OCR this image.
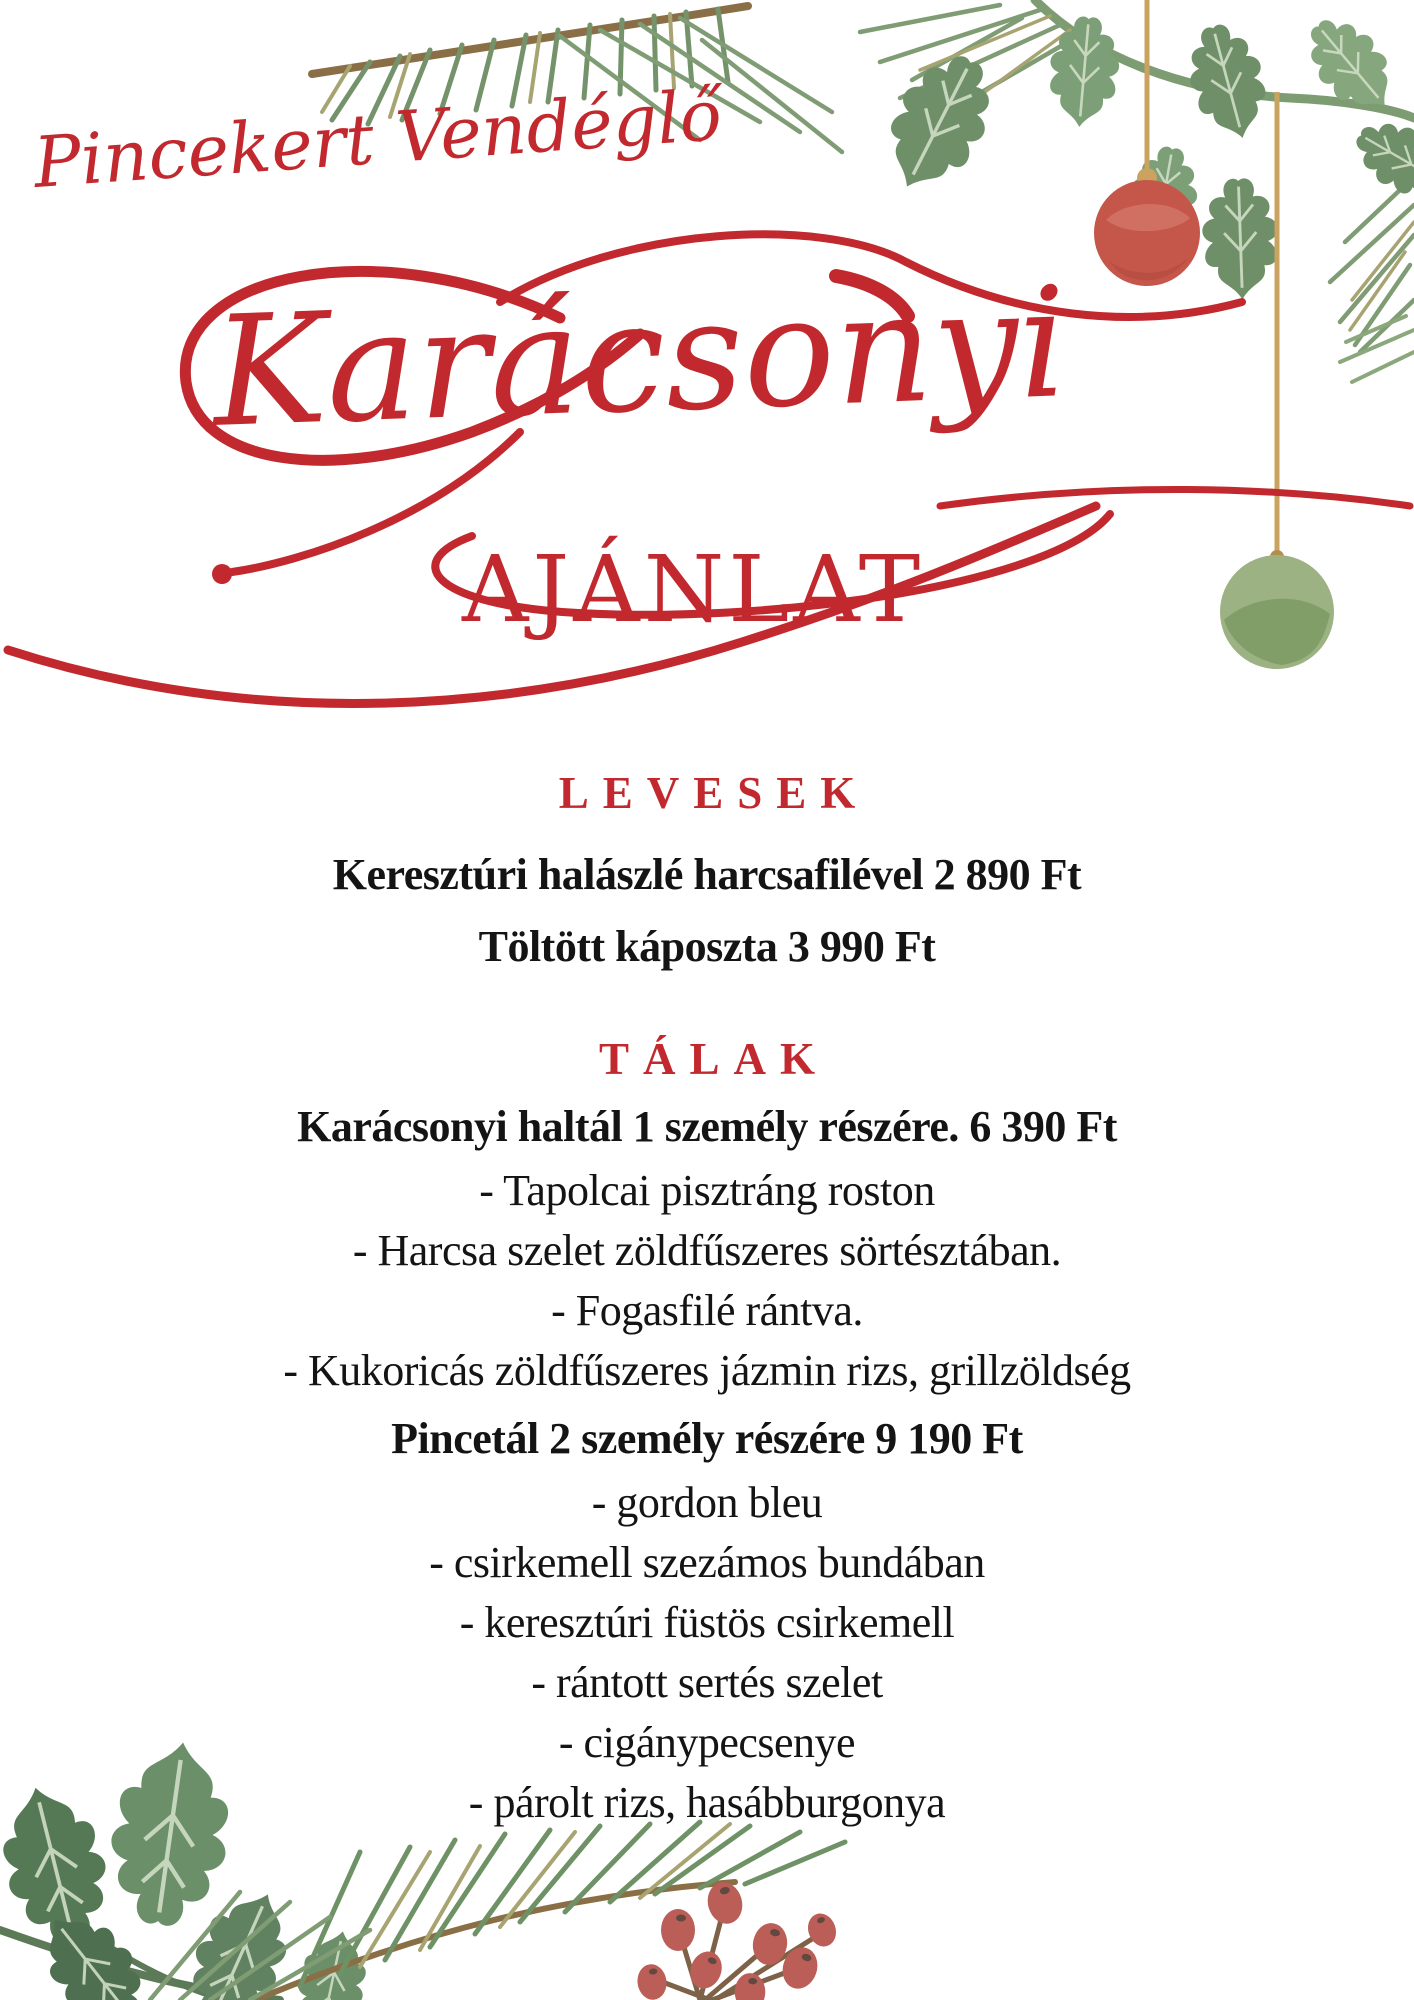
Pincekert Vendéglő
Karácsonyi
AJÁNLAT
LEVESEK

Keresztúri halászlé harcsafilével 2 890 Ft

Töltött káposzta 3 990 Ft

TÁLAK

Karácsonyi haltál 1 személy részére. 6 390 Ft

- Tapolcai pisztráng roston

- Harcsa szelet zöldfűszeres sörtésztában.

- Fogasfilé rántva.

- Kukoricás zöldfűszeres jázmin rizs, grillzöldség

Pincetál 2 személy részére 9 190 Ft

- gordon bleu

- csirkemell szezámos bundában

- keresztúri füstös csirkemell

- rántott sertés szelet

- cigánypecsenye

- párolt rizs, hasábburgonya
